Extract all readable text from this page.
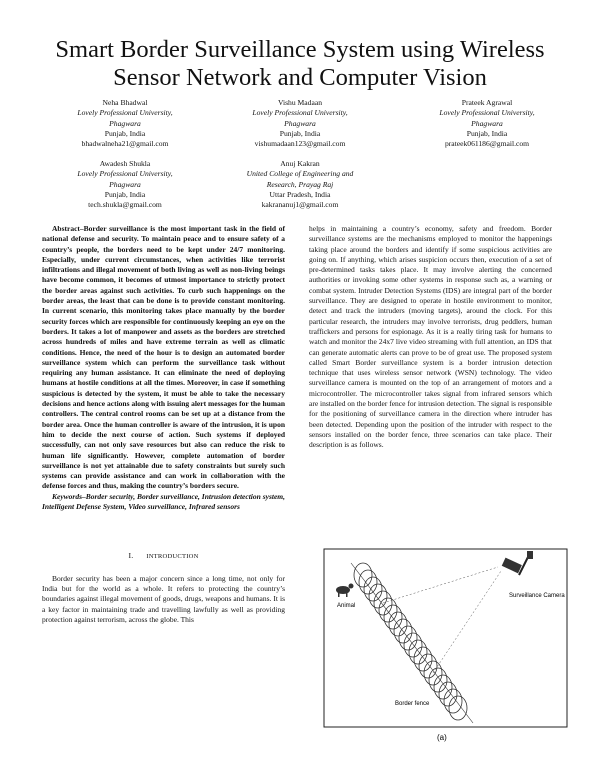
Smart Border Surveillance System using Wireless Sensor Network and Computer Vision
Neha Bhadwal
Lovely Professional University,
Phagwara
Punjab, India
bhadwalneha21@gmail.com
Vishu Madaan
Lovely Professional University,
Phagwara
Punjab, India
vishumadaan123@gmail.com
Prateek Agrawal
Lovely Professional University,
Phagwara
Punjab, India
prateek061186@gmail.com
Awadesh Shukla
Lovely Professional University,
Phagwara
Punjab, India
tech.shukla@gmail.com
Anuj Kakran
United College of Engineering and
Research, Prayag Raj
Uttar Pradesh, India
kakrananuj1@gmail.com

Abstract–Border surveillance is the most important task in the field of national defense and security. To maintain peace and to ensure safety of a country’s people, the borders need to be kept under 24/7 monitoring. Especially, under current circumstances, when activities like terrorist infiltrations and illegal movement of both living as well as non-living beings have become common, it becomes of utmost importance to strictly protect the border areas against such activities. To curb such happenings on the border areas, the least that can be done is to provide constant monitoring. In current scenario, this monitoring takes place manually by the border security forces which are responsible for continuously keeping an eye on the borders. It takes a lot of manpower and assets as the borders are stretched across hundreds of miles and have extreme terrain as well as climatic conditions. Hence, the need of the hour is to design an automated border surveillance system which can perform the surveillance task without requiring any human assistance. It can eliminate the need of deploying humans at hostile conditions at all the times. Moreover, in case if something suspicious is detected by the system, it must be able to take the necessary decisions and hence actions along with issuing alert messages for the human controllers. The central control rooms can be set up at a distance from the border area. Once the human controller is aware of the intrusion, it is upon him to decide the next course of action. Such systems if deployed successfully, can not only save resources but also can reduce the risk to human life significantly. However, complete automation of border surveillance is not yet attainable due to safety constraints but surely such systems can provide assistance and can work in collaboration with the defense forces and thus, making the country’s borders secure.

Keywords–Border security, Border surveillance, Intrusion detection system, Intelligent Defense System, Video surveillance, Infrared sensors

I. INTRODUCTION

Border security has been a major concern since a long time, not only for India but for the world as a whole. It refers to protecting the country’s boundaries against illegal movement of goods, drugs, weapons and humans. It is a key factor in maintaining trade and travelling lawfully as well as providing protection against terrorism, across the globe. This

helps in maintaining a country’s economy, safety and freedom. Border surveillance systems are the mechanisms employed to monitor the happenings taking place around the borders and identify if some suspicious activities are going on. If anything, which arises suspicion occurs then, execution of a set of pre-determined tasks takes place. It may involve alerting the concerned authorities or invoking some other systems in response such as, a warning or combat system. Intruder Detection Systems (IDS) are integral part of the border surveillance. They are designed to operate in hostile environment to monitor, detect and track the intruders (moving targets), around the clock. For this particular research, the intruders may involve terrorists, drug peddlers, human traffickers and persons for espionage. As it is a really tiring task for humans to watch and monitor the 24x7 live video streaming with full attention, an IDS that can generate automatic alerts can prove to be of great use. The proposed system called Smart Border surveillance system is a border intrusion detection technique that uses wireless sensor network (WSN) technology. The video surveillance camera is mounted on the top of an arrangement of motors and a microcontroller. The microcontroller takes signal from infrared sensors which are installed on the border fence for intrusion detection. The signal is responsible for the positioning of surveillance camera in the direction where intruder has been detected. Depending upon the position of the intruder with respect to the sensors installed on the border fence, three scenarios can take place. Their description is as follows.

Animal
Surveillance Camera
Border fence
(a)
